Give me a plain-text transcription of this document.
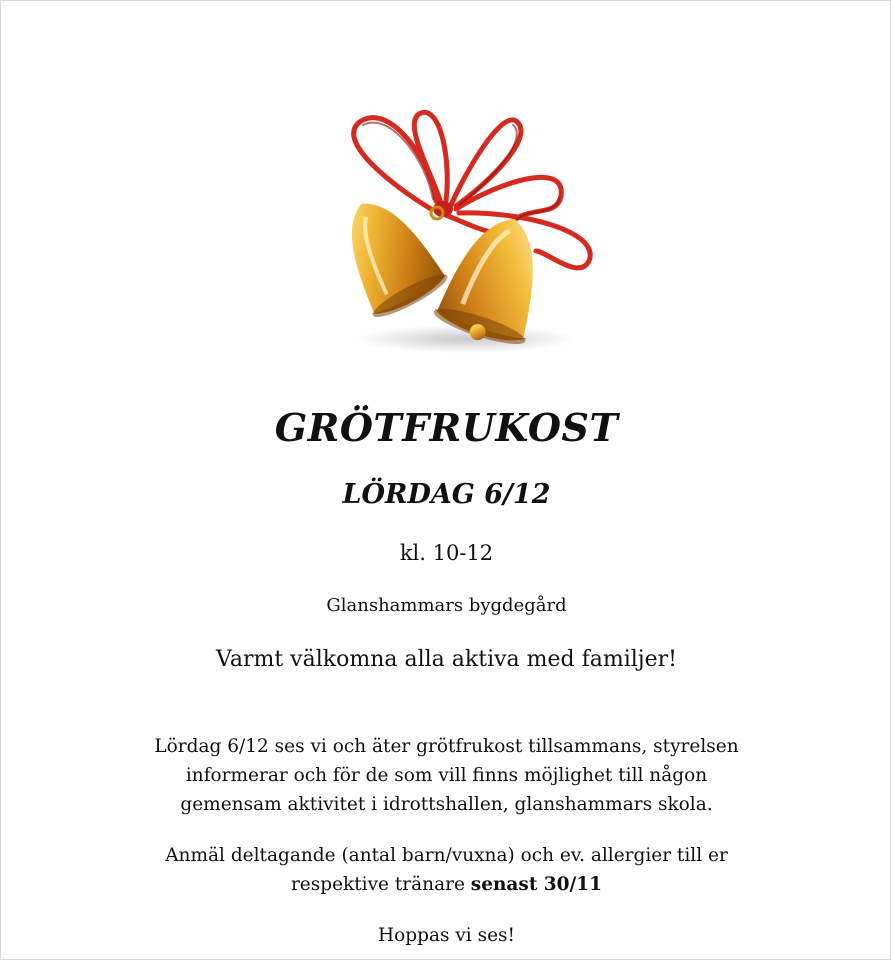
GRÖTFRUKOST
LÖRDAG 6/12
kl. 10-12
Glanshammars bygdegård
Varmt välkomna alla aktiva med familjer!
Lördag 6/12 ses vi och äter grötfrukost tillsammans, styrelsen
informerar och för de som vill finns möjlighet till någon
gemensam aktivitet i idrottshallen, glanshammars skola.
Anmäl deltagande (antal barn/vuxna) och ev. allergier till er
respektive tränare senast 30/11
Hoppas vi ses!
